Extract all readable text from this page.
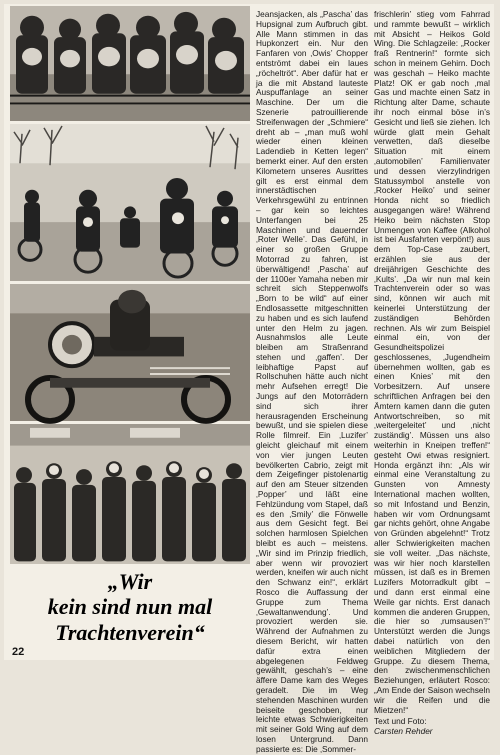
„Wir
kein sind nun mal Trachtenverein“
22

Jeansjacken, als „Pascha’ das Hupsignal zum Aufbruch gibt. Alle Mann stimmen in das Hupkonzert ein. Nur den Fanfaren von ‚Owis’ Chopper entströmt dabei ein laues „röcheltröt“. Aber dafür hat er ja die mit Abstand lauteste Auspuffanlage an seiner Maschine. Der um die Szenerie patrouillierende Streifenwagen der „Schmiere“ dreht ab – „man muß wohl wieder einen kleinen Ladendieb in Ketten legen“ bemerkt einer. Auf den ersten Kilometern unseres Ausrittes gilt es erst einmal dem innerstädtischen Verkehrsgewühl zu entrinnen – gar kein so leichtes Unterfangen bei 25 Maschinen und dauernder ‚Roter Welle’. Das Gefühl, in einer so großen Gruppe Motorrad zu fahren, ist überwältigend! ‚Pascha’ auf der 1100er Yamaha neben mir schreit sich Steppenwolfs „Born to be wild“ auf einer Endlosassette mitgeschnitten zu haben und es sich laufend unter den Helm zu jagen. Ausnahmslos alle Leute bleiben am Straßenrand stehen und ‚gaffen’. Der leibhaftige Papst auf Rollschuhen hätte auch nicht mehr Aufsehen erregt! Die Jungs auf den Motorrädern sind sich ihrer herausragenden Erscheinung bewußt, und sie spielen diese Rolle filmreif. Ein ‚Luzifer’ gleicht gleichauf mit einem von vier jungen Leuten bevölkerten Cabrio, zeigt mit dem Zeigefinger pistolenartig auf den am Steuer sitzenden ‚Popper’ und läßt eine Fehlzündung vom Stapel, daß es den ‚Smily’ die Fönwelle aus dem Gesicht fegt. Bei solchen harmlosen Spielchen bleibt es auch – meistens. „Wir sind im Prinzip friedlich, aber wenn wir provoziert werden, kneifen wir auch nicht den Schwanz ein!“, erklärt Rosco die Auffassung der Gruppe zum Thema ‚Gewaltanwendung’. Und provoziert werden sie. Während der Aufnahmen zu diesem Bericht, wir hatten dafür extra einen abgelegenen Feldweg gewählt, geschah’s – eine äffere Dame kam des Weges geradelt. Die im Weg stehenden Maschinen wurden beiseite geschoben, nur leichte etwas Schwierigkeiten mit seiner Gold Wing auf dem losen Untergrund. Dann passierte es: Die ‚Sommer-

frischlerin’ stieg vom Fahrrad und rammte bewußt – wirklich mit Absicht – Heikos Gold Wing. Die Schlagzeile: „Rocker fraß Rentnerin!“ formte sich schon in meinem Gehirn. Doch was geschah – Heiko machte Platz! OK er gab noch ‚mal Gas und machte einen Satz in Richtung alter Dame, schaute ihr noch einmal böse in’s Gesicht und ließ sie ziehen. Ich würde glatt mein Gehalt verwetten, daß dieselbe Situation mit einem ‚automobilen’ Familienvater und dessen vierzylindrigen Statussymbol anstelle von ‚Rocker Heiko’ und seiner Honda nicht so friedlich ausgegangen wäre! Während Heiko beim nächsten Stop Unmengen von Kaffee (Alkohol ist bei Ausfahrten verpönt!) aus dem Top-Case zaubert, erzählen sie aus der dreijährigen Geschichte des ‚Kults’. „Da wir nun mal kein Trachtenverein oder so was sind, können wir auch mit keinerlei Unterstützung der zuständigen Behörden rechnen. Als wir zum Beispiel einmal ein, von der Gesundheitspolizei geschlossenes, ‚Jugendheim übernehmen wollten, gab es einen Knies’ mit den Vorbesitzern. Auf unsere schriftlichen Anfragen bei den Ämtern kamen dann die guten Antwortschreiben, so mit ‚weitergeleitet’ und ‚nicht zuständig’. Müssen uns also weiterhin in Kneipen treffen!“ gesteht Owi etwas resigniert. Honda ergänzt ihn: „Als wir einmal eine Veranstaltung zu Gunsten von Amnesty International machen wollten, so mit Infostand und Benzin, haben wir vom Ordnungsamt gar nichts gehört, ohne Angabe von Gründen abgelehnt!“ Trotz aller Schwierigkeiten machen sie voll weiter. „Das nächste, was wir hier noch klarstellen müssen, ist daß es in Bremen Luzifers Motorradkult gibt – und dann erst einmal eine Weile gar nichts. Erst danach kommen die anderen Gruppen, die hier so ‚rumsausen’!“ Unterstützt werden die Jungs dabei natürlich von den weiblichen Mitgliedern der Gruppe. Zu diesem Thema, den zwischenmenschlichen Beziehungen, erläutert Rosco: „Am Ende der Saison wechseln wir die Reifen und die Mietzen!“

Text und Foto:
Carsten Rehder
